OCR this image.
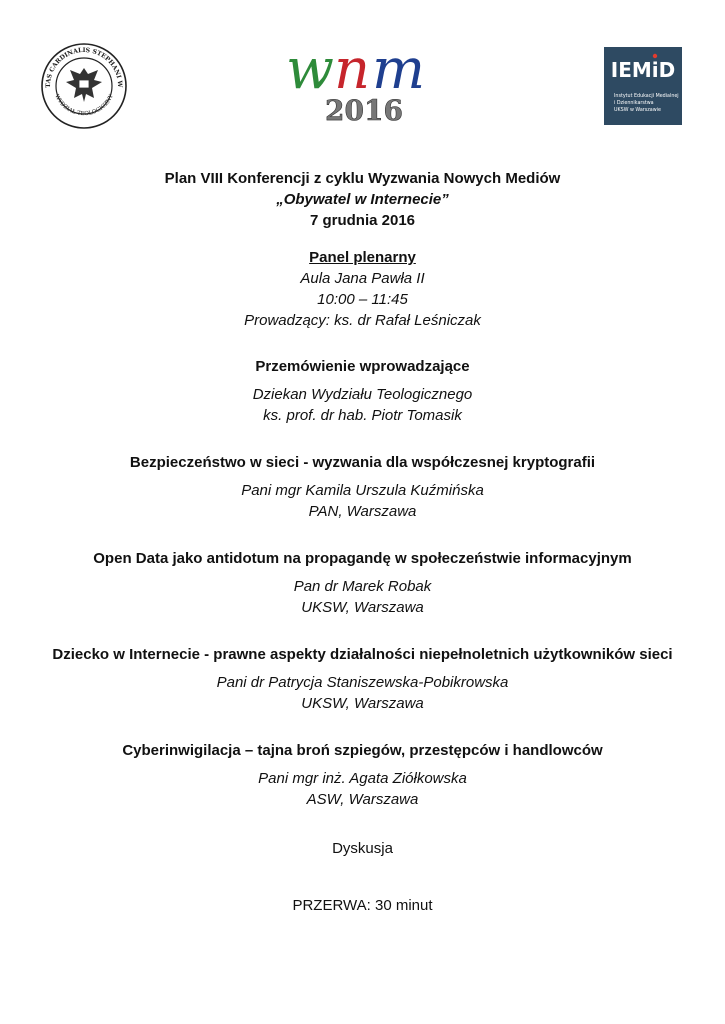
TAS CARDINALIS STEPHANI W
WYDZIAŁ TEOLOGICZNY	w n m
2016
IEMiD
Instytut Edukacji Medialnej
i Dziennikarstwa
UKSW w Warszawie
Plan VIII Konferencji z cyklu Wyzwania Nowych Mediów
„Obywatel w Internecie”
7 grudnia 2016
Panel plenarny
Aula Jana Pawła II
10:00 – 11:45
Prowadzący: ks. dr Rafał Leśniczak
Przemówienie wprowadzające
Dziekan Wydziału Teologicznego
ks. prof. dr hab. Piotr Tomasik
Bezpieczeństwo w sieci - wyzwania dla współczesnej kryptografii
Pani mgr Kamila Urszula Kuźmińska
PAN, Warszawa
Open Data jako antidotum na propagandę w społeczeństwie informacyjnym
Pan dr Marek Robak
UKSW, Warszawa
Dziecko w Internecie - prawne aspekty działalności niepełnoletnich użytkowników sieci
Pani dr Patrycja Staniszewska-Pobikrowska
UKSW, Warszawa
Cyberinwigilacja – tajna broń szpiegów, przestępców i handlowców
Pani mgr inż. Agata Ziółkowska
ASW, Warszawa
Dyskusja
PRZERWA: 30 minut
